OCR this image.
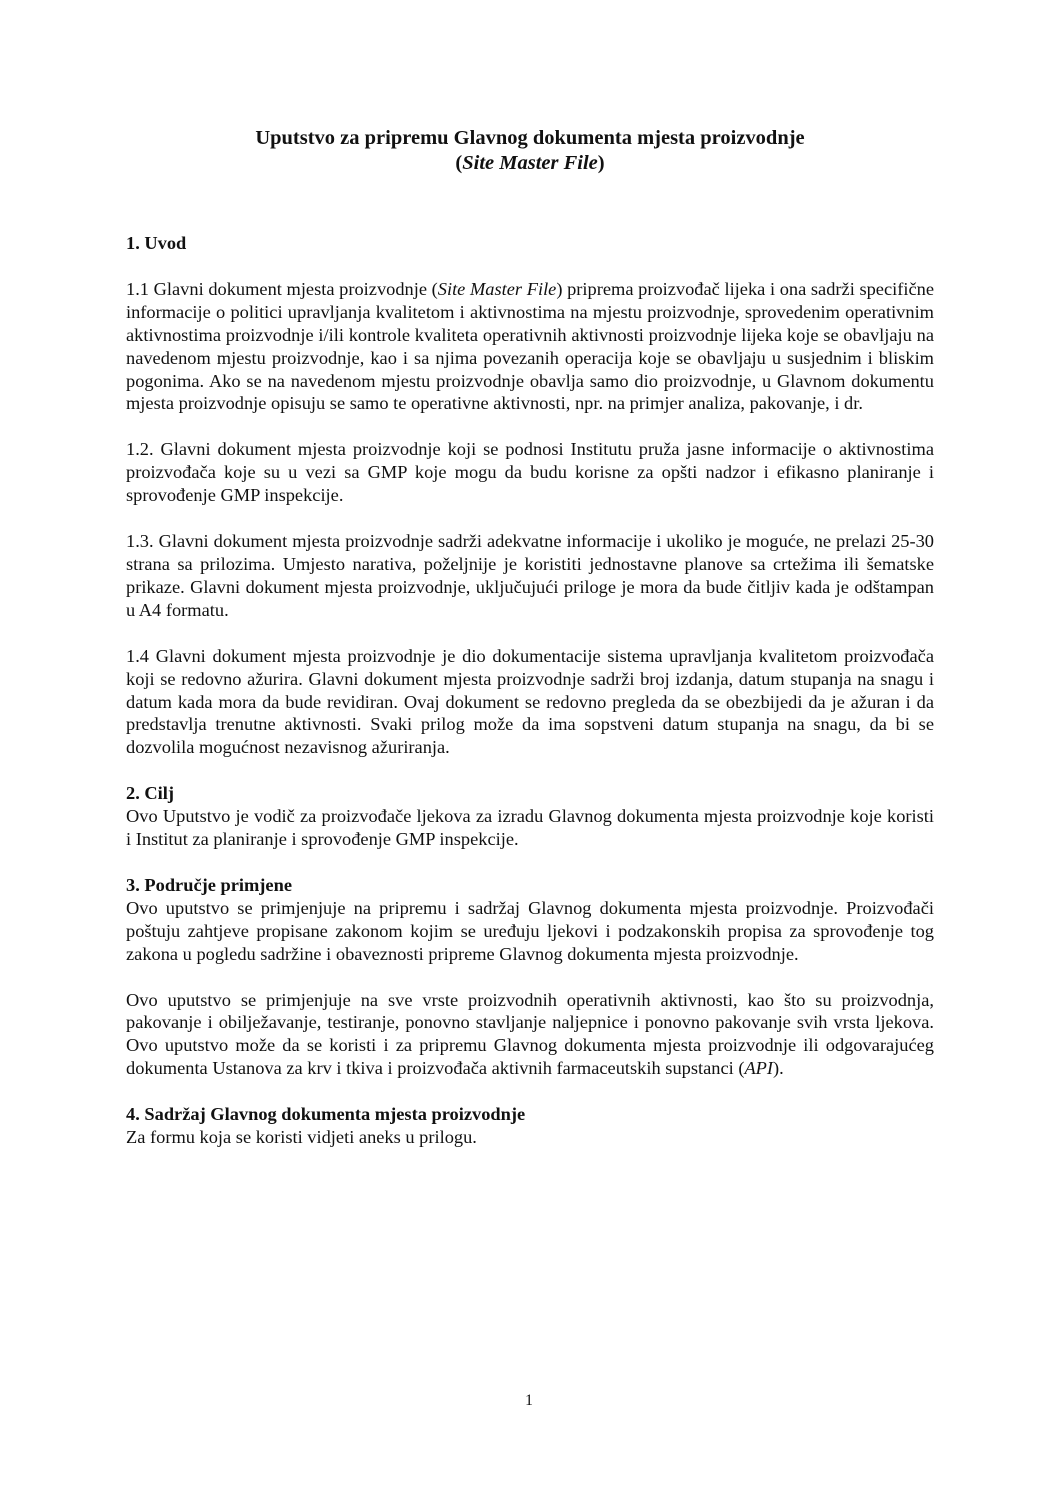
Uputstvo za pripremu Glavnog dokumenta mjesta proizvodnje
(Site Master File)

1. Uvod

1.1 Glavni dokument mjesta proizvodnje (Site Master File) priprema proizvođač lijeka i ona sadrži specifične informacije o politici upravljanja kvalitetom i aktivnostima na mjestu proizvodnje, sprovedenim operativnim aktivnostima proizvodnje i/ili kontrole kvaliteta operativnih aktivnosti proizvodnje lijeka koje se obavljaju na navedenom mjestu proizvodnje, kao i sa njima povezanih operacija koje se obavljaju u susjednim i bliskim pogonima. Ako se na navedenom mjestu proizvodnje obavlja samo dio proizvodnje, u Glavnom dokumentu mjesta proizvodnje opisuju se samo te operativne aktivnosti, npr. na primjer analiza, pakovanje, i dr.

1.2. Glavni dokument mjesta proizvodnje koji se podnosi Institutu pruža jasne informacije o aktivnostima proizvođača koje su u vezi sa GMP koje mogu da budu korisne za opšti nadzor i efikasno planiranje i sprovođenje GMP inspekcije.

1.3. Glavni dokument mjesta proizvodnje sadrži adekvatne informacije i ukoliko je moguće, ne prelazi 25-30 strana sa prilozima. Umjesto narativa, poželjnije je koristiti jednostavne planove sa crtežima ili šematske prikaze. Glavni dokument mjesta proizvodnje, uključujući priloge je mora da bude čitljiv kada je odštampan u A4 formatu.

1.4 Glavni dokument mjesta proizvodnje je dio dokumentacije sistema upravljanja kvalitetom proizvođača koji se redovno ažurira. Glavni dokument mjesta proizvodnje sadrži broj izdanja, datum stupanja na snagu i datum kada mora da bude revidiran. Ovaj dokument se redovno pregleda da se obezbijedi da je ažuran i da predstavlja trenutne aktivnosti. Svaki prilog može da ima sopstveni datum stupanja na snagu, da bi se dozvolila mogućnost nezavisnog ažuriranja.

2. Cilj

Ovo Uputstvo je vodič za proizvođače ljekova za izradu Glavnog dokumenta mjesta proizvodnje koje koristi i Institut za planiranje i sprovođenje GMP inspekcije.

3. Područje primjene

Ovo uputstvo se primjenjuje na pripremu i sadržaj Glavnog dokumenta mjesta proizvodnje. Proizvođači poštuju zahtjeve propisane zakonom kojim se uređuju ljekovi i podzakonskih propisa za sprovođenje tog zakona u pogledu sadržine i obaveznosti pripreme Glavnog dokumenta mjesta proizvodnje.

Ovo uputstvo se primjenjuje na sve vrste proizvodnih operativnih aktivnosti, kao što su proizvodnja, pakovanje i obilježavanje, testiranje, ponovno stavljanje naljepnice i ponovno pakovanje svih vrsta ljekova. Ovo uputstvo može da se koristi i za pripremu Glavnog dokumenta mjesta proizvodnje ili odgovarajućeg dokumenta Ustanova za krv i tkiva i proizvođača aktivnih farmaceutskih supstanci (API).

4. Sadržaj Glavnog dokumenta mjesta proizvodnje

Za formu koja se koristi vidjeti aneks u prilogu.

1
